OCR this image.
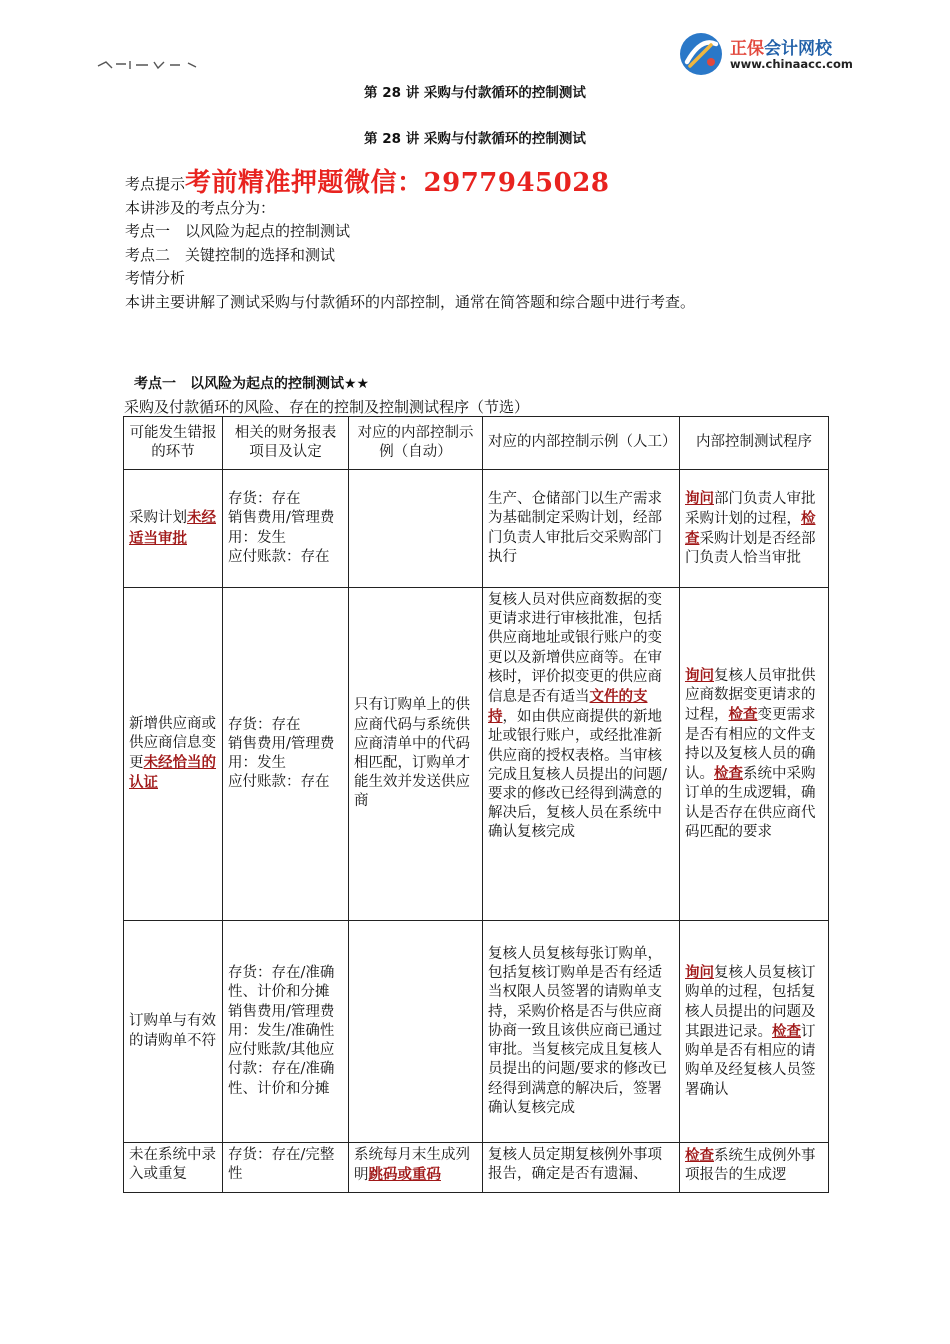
正保会计网校
www.chinaacc.com
第 28 讲 采购与付款循环的控制测试
第 28 讲 采购与付款循环的控制测试
考点提示考前精准押题微信：2977945028
本讲涉及的考点分为：
考点一　以风险为起点的控制测试
考点二　关键控制的选择和测试
考情分析
本讲主要讲解了测试采购与付款循环的内部控制，通常在简答题和综合题中进行考查。
考点一　以风险为起点的控制测试★★
采购及付款循环的风险、存在的控制及控制测试程序（节选）
可能发生错报的环节	相关的财务报表项目及认定	对应的内部控制示例（自动）	对应的内部控制示例（人工）	内部控制测试程序
采购计划未经适当审批	存货：存在
销售费用/管理费用：发生
应付账款：存在		生产、仓储部门以生产需求为基础制定采购计划，经部门负责人审批后交采购部门执行	询问部门负责人审批采购计划的过程，检查采购计划是否经部门负责人恰当审批
新增供应商或供应商信息变更未经恰当的认证	存货：存在
销售费用/管理费用：发生
应付账款：存在	只有订购单上的供应商代码与系统供应商清单中的代码相匹配，订购单才能生效并发送供应商	复核人员对供应商数据的变更请求进行审核批准，包括供应商地址或银行账户的变更以及新增供应商等。在审核时，评价拟变更的供应商信息是否有适当文件的支持，如由供应商提供的新地址或银行账户，或经批准新供应商的授权表格。当审核完成且复核人员提出的问题/要求的修改已经得到满意的解决后，复核人员在系统中确认复核完成	询问复核人员审批供应商数据变更请求的过程，检查变更需求是否有相应的文件支持以及复核人员的确认。检查系统中采购订单的生成逻辑，确认是否存在供应商代码匹配的要求
订购单与有效的请购单不符	存货：存在/准确性、计价和分摊
销售费用/管理费用：发生/准确性
应付账款/其他应付款：存在/准确性、计价和分摊		复核人员复核每张订购单，包括复核订购单是否有经适当权限人员签署的请购单支持，采购价格是否与供应商协商一致且该供应商已通过审批。当复核完成且复核人员提出的问题/要求的修改已经得到满意的解决后，签署确认复核完成	询问复核人员复核订购单的过程，包括复核人员提出的问题及其跟进记录。检查订购单是否有相应的请购单及经复核人员签署确认
未在系统中录入或重复	存货：存在/完整性	系统每月末生成列明跳码或重码	复核人员定期复核例外事项报告，确定是否有遗漏、	检查系统生成例外事项报告的生成逻
